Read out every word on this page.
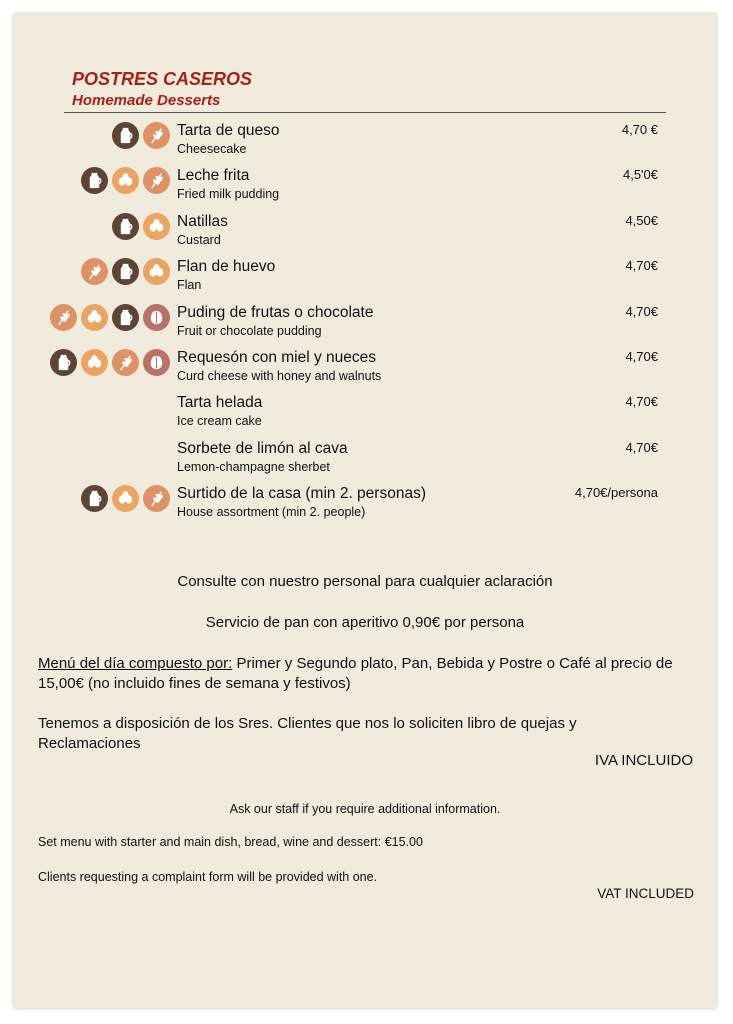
POSTRES CASEROS
Homemade Desserts
Tarta de queso
Cheesecake
4,70 €
Leche frita
Fried milk pudding
4,5'0€
Natillas
Custard
4,50€
Flan de huevo
Flan
4,70€
Puding de frutas o chocolate
Fruit or chocolate pudding
4,70€
Requesón con miel y nueces
Curd cheese with honey and walnuts
4,70€
Tarta helada
Ice cream cake
4,70€
Sorbete de limón al cava
Lemon-champagne sherbet
4,70€
Surtido de la casa (min 2. personas)
House assortment (min 2. people)
4,70€/persona
Consulte con nuestro personal para cualquier aclaración
Servicio de pan con aperitivo 0,90€ por persona
Menú del día compuesto por: Primer y Segundo plato, Pan, Bebida y Postre o Café al precio de 15,00€ (no incluido fines de semana y festivos)
Tenemos a disposición de los Sres. Clientes que nos lo soliciten libro de quejas y Reclamaciones
IVA INCLUIDO
Ask our staff if you require additional information.
Set menu with starter and main dish, bread, wine and dessert: €15.00
Clients requesting a complaint form will be provided with one.
VAT INCLUDED
